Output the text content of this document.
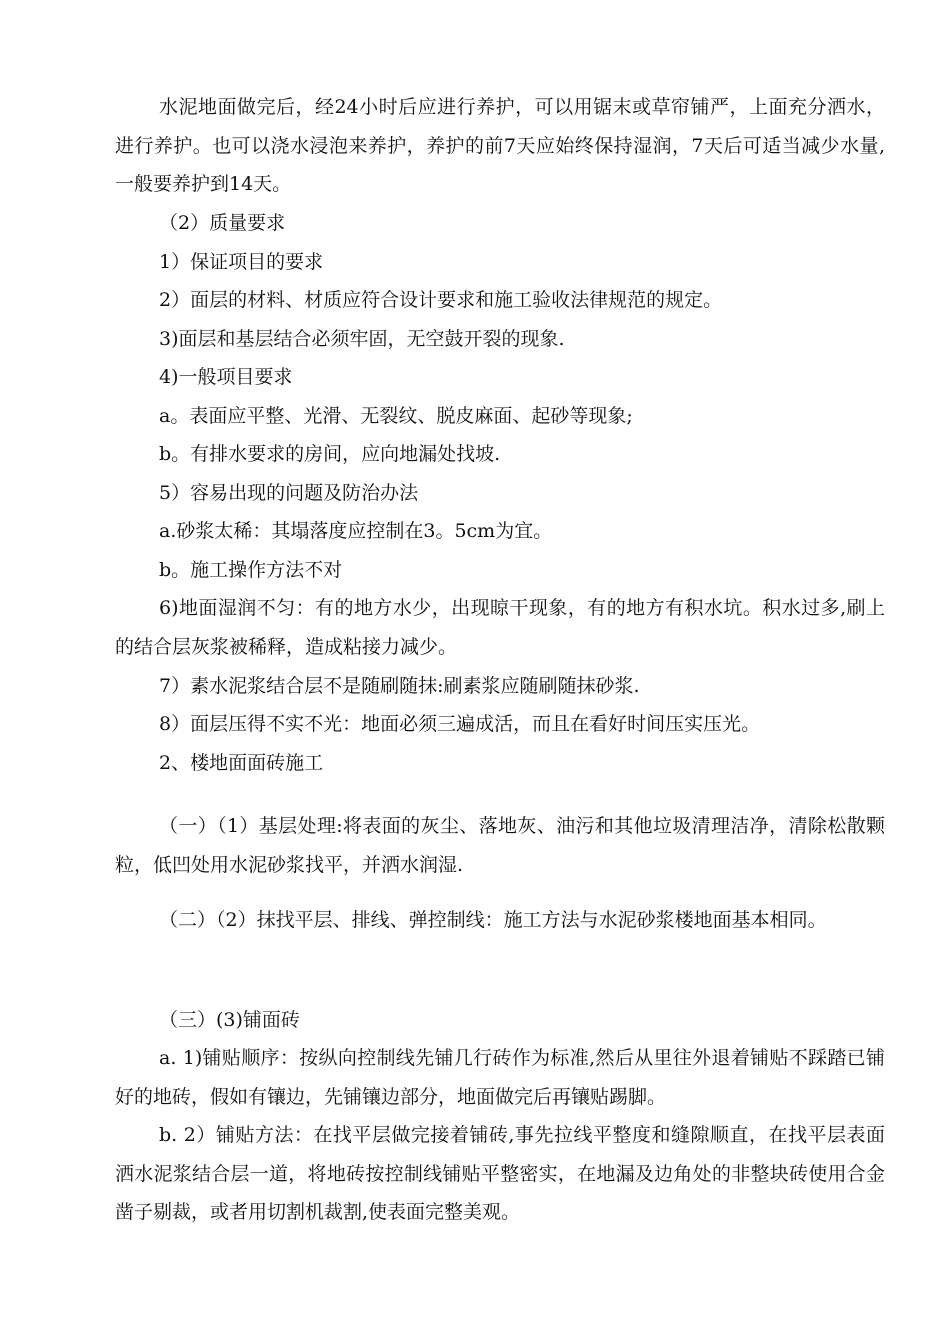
水泥地面做完后，经24小时后应进行养护，可以用锯末或草帘铺严，上面充分洒水，进行养护。也可以浇水浸泡来养护，养护的前7天应始终保持湿润，7天后可适当减少水量,一般要养护到14天。

（2）质量要求

1）保证项目的要求

2）面层的材料、材质应符合设计要求和施工验收法律规范的规定。

3)面层和基层结合必须牢固，无空鼓开裂的现象.

4)一般项目要求

a。表面应平整、光滑、无裂纹、脱皮麻面、起砂等现象;

b。有排水要求的房间，应向地漏处找坡.

5）容易出现的问题及防治办法

a.砂浆太稀：其塌落度应控制在3。5cm为宜。

b。施工操作方法不对

6)地面湿润不匀：有的地方水少，出现晾干现象，有的地方有积水坑。积水过多,刷上的结合层灰浆被稀释，造成粘接力减少。

7）素水泥浆结合层不是随刷随抹:刷素浆应随刷随抹砂浆.

8）面层压得不实不光：地面必须三遍成活，而且在看好时间压实压光。

2、楼地面面砖施工

（一）（1）基层处理:将表面的灰尘、落地灰、油污和其他垃圾清理洁净，清除松散颗粒，低凹处用水泥砂浆找平，并洒水润湿.

（二）（2）抹找平层、排线、弹控制线：施工方法与水泥砂浆楼地面基本相同。

（三）(3)铺面砖

a. 1)铺贴顺序：按纵向控制线先铺几行砖作为标准,然后从里往外退着铺贴不踩踏已铺好的地砖，假如有镶边，先铺镶边部分，地面做完后再镶贴踢脚。

b. 2）铺贴方法：在找平层做完接着铺砖,事先拉线平整度和缝隙顺直，在找平层表面洒水泥浆结合层一道，将地砖按控制线铺贴平整密实，在地漏及边角处的非整块砖使用合金凿子剔裁，或者用切割机裁割,使表面完整美观。
